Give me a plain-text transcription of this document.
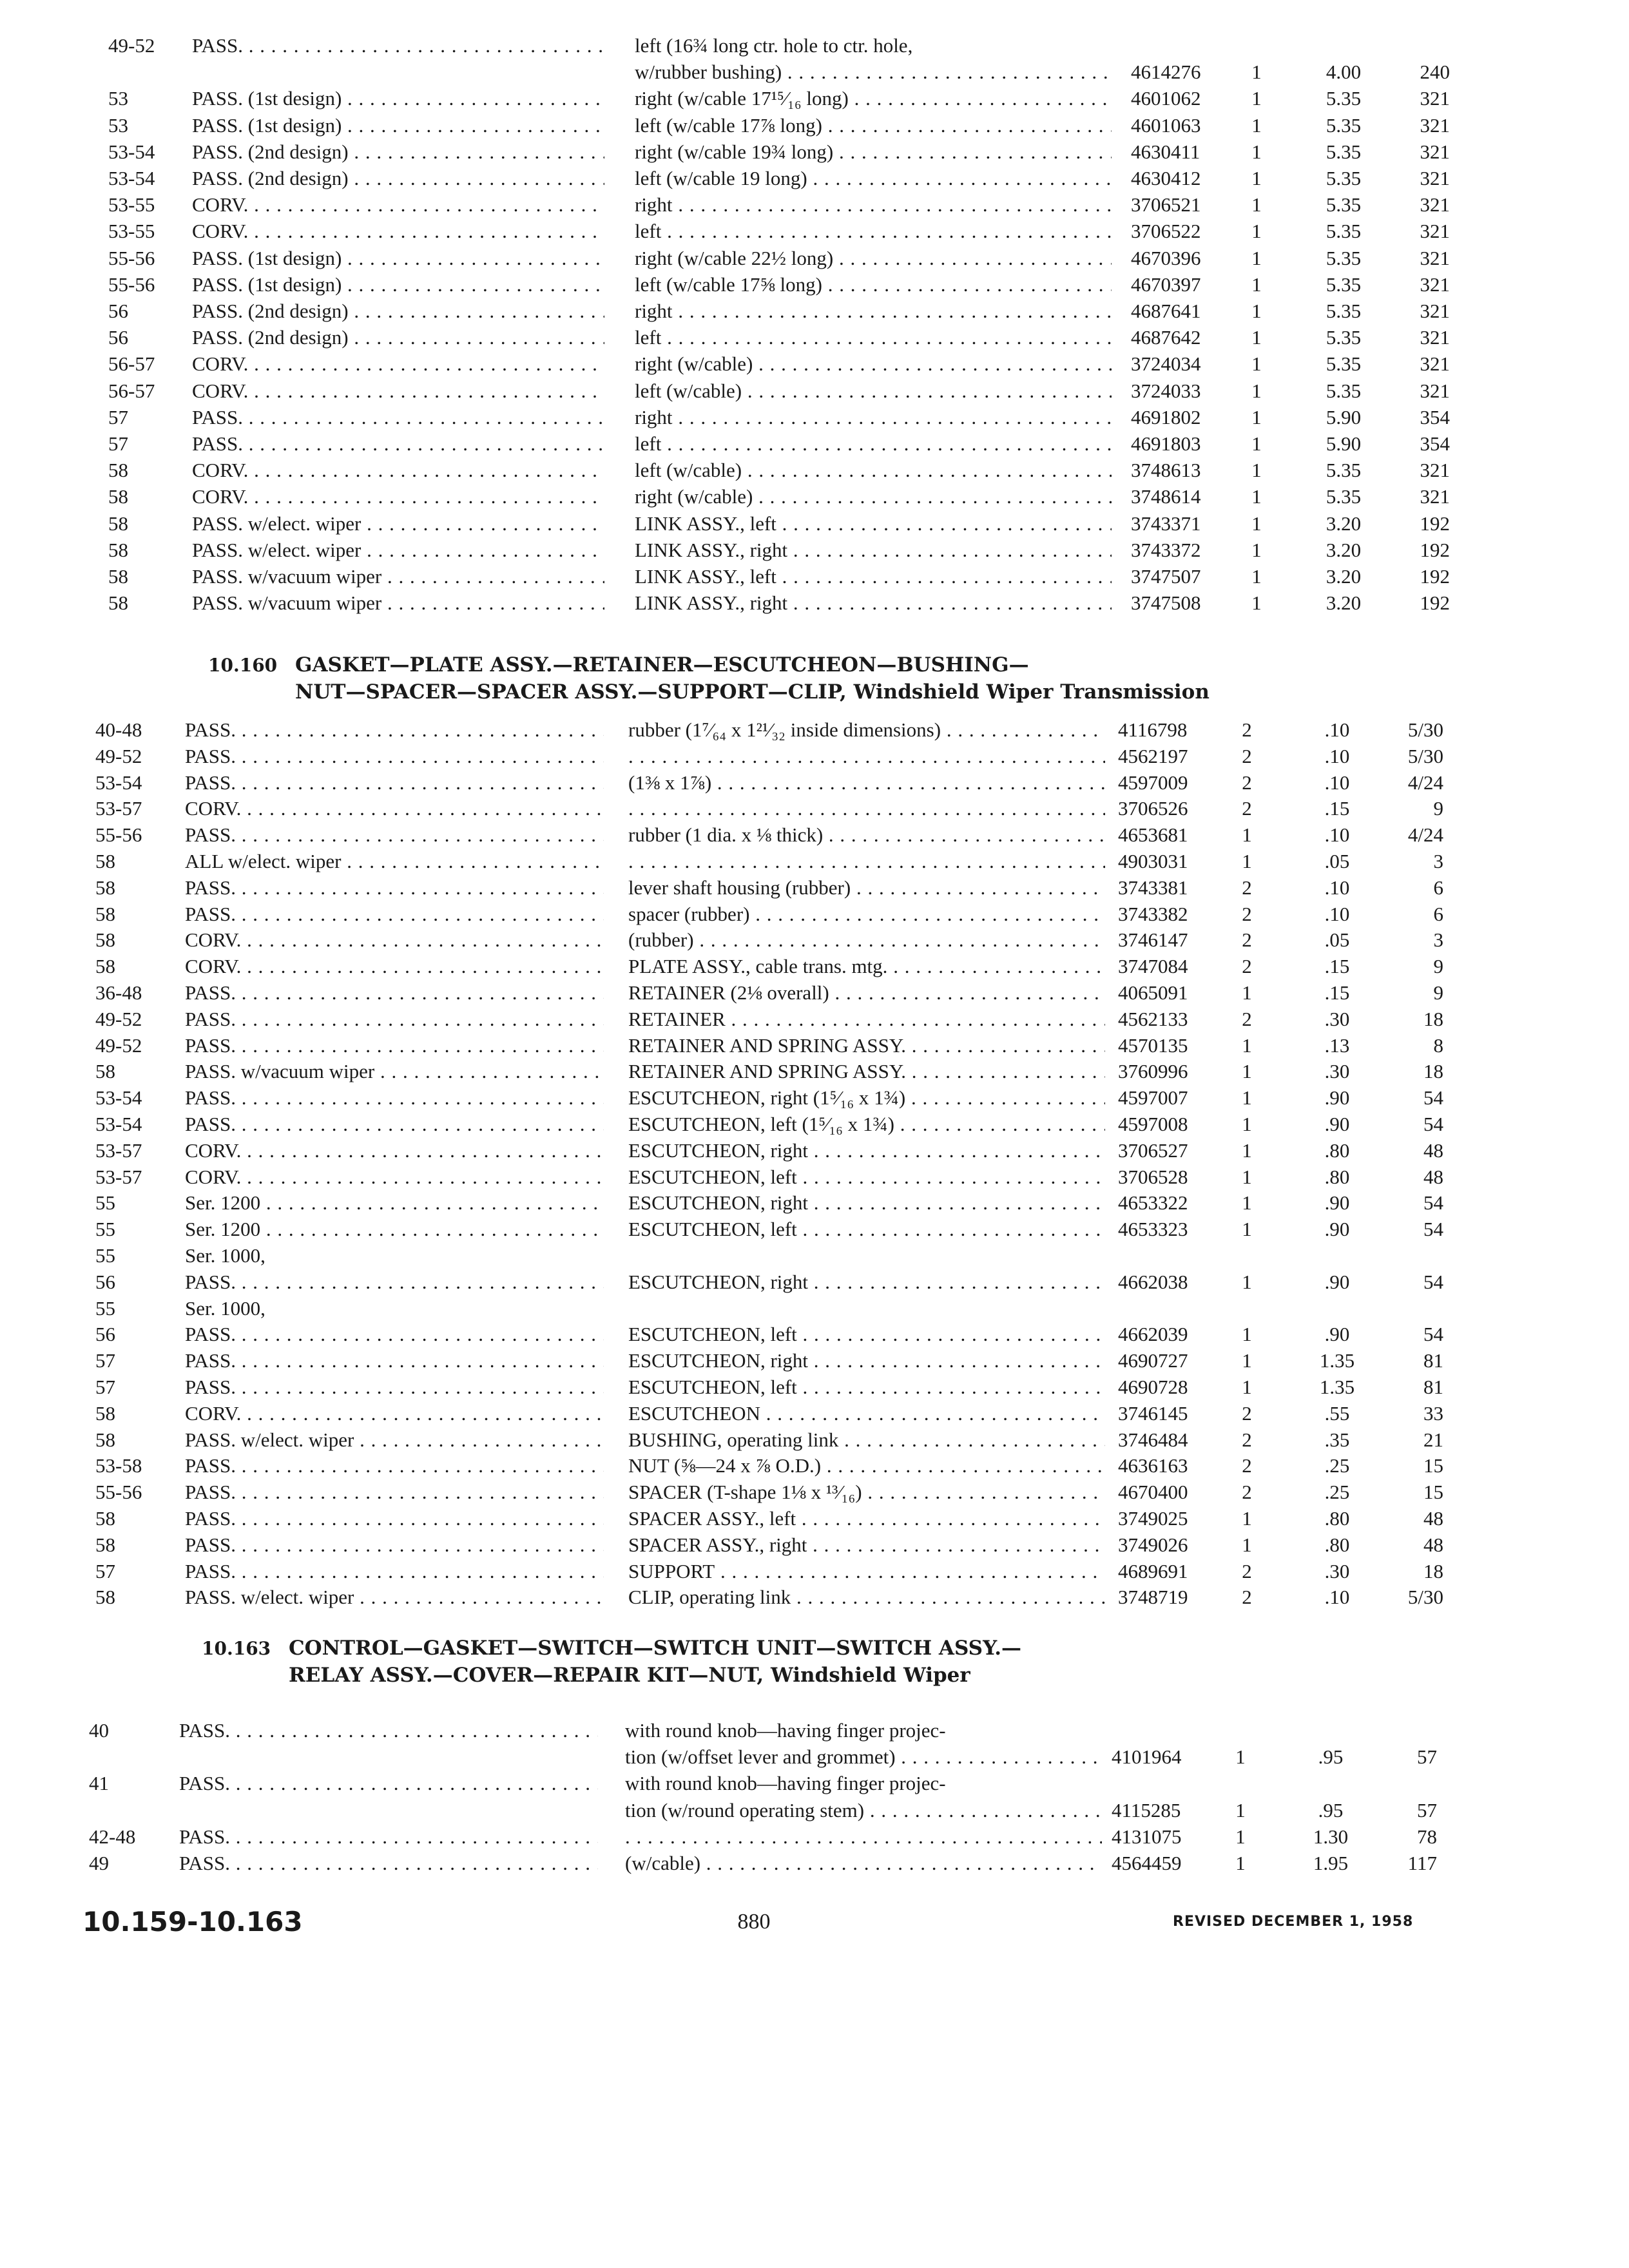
49-52	PASS. . . .	left (16¾ long ctr. hole to ctr. hole,
w/rubber bushing) . . .	4614276	1	4.00	240
53	PASS. (1st design) . . .	right (w/cable 17¹⁵⁄₁₆ long) . . .	4601062	1	5.35	321
53	PASS. (1st design) . . .	left (w/cable 17⅞ long) . . .	4601063	1	5.35	321
53-54	PASS. (2nd design) . . .	right (w/cable 19¾ long) . . .	4630411	1	5.35	321
53-54	PASS. (2nd design) . . .	left (w/cable 19 long) . . .	4630412	1	5.35	321
53-55	CORV. . . .	right . . .	3706521	1	5.35	321
53-55	CORV. . . .	left . . .	3706522	1	5.35	321
55-56	PASS. (1st design) . . .	right (w/cable 22½ long) . . .	4670396	1	5.35	321
55-56	PASS. (1st design) . . .	left (w/cable 17⅝ long) . . .	4670397	1	5.35	321
56	PASS. (2nd design) . . .	right . . .	4687641	1	5.35	321
56	PASS. (2nd design) . . .	left . . .	4687642	1	5.35	321
56-57	CORV. . . .	right (w/cable) . . .	3724034	1	5.35	321
56-57	CORV. . . .	left (w/cable) . . .	3724033	1	5.35	321
57	PASS. . . .	right . . .	4691802	1	5.90	354
57	PASS. . . .	left . . .	4691803	1	5.90	354
58	CORV. . . .	left (w/cable) . . .	3748613	1	5.35	321
58	CORV. . . .	right (w/cable) . . .	3748614	1	5.35	321
58	PASS. w/elect. wiper . . .	LINK ASSY., left . . .	3743371	1	3.20	192
58	PASS. w/elect. wiper . . .	LINK ASSY., right . . .	3743372	1	3.20	192
58	PASS. w/vacuum wiper . . .	LINK ASSY., left . . .	3747507	1	3.20	192
58	PASS. w/vacuum wiper . . .	LINK ASSY., right . . .	3747508	1	3.20	192
10.160 GASKET—PLATE ASSY.—RETAINER—ESCUTCHEON—BUSHING—
NUT—SPACER—SPACER ASSY.—SUPPORT—CLIP, Windshield Wiper Transmission
40-48	PASS. . . .	rubber (1⁷⁄₆₄ x 1²¹⁄₃₂ inside dimensions) . . .	4116798	2	.10	5/30
49-52	PASS. . . . . . .	4562197	2	.10	5/30
53-54	PASS. . . .	(1⅜ x 1⅞) . . .	4597009	2	.10	4/24
53-57	CORV. . . . . . .	3706526	2	.15	9
55-56	PASS. . . .	rubber (1 dia. x ⅛ thick) . . .	4653681	1	.10	4/24
58	ALL w/elect. wiper . . . . . .	4903031	1	.05	3
58	PASS. . . .	lever shaft housing (rubber) . . .	3743381	2	.10	6
58	PASS. . . .	spacer (rubber) . . .	3743382	2	.10	6
58	CORV. . . .	(rubber) . . .	3746147	2	.05	3
58	CORV. . . .	PLATE ASSY., cable trans. mtg. . . .	3747084	2	.15	9
36-48	PASS. . . .	RETAINER (2⅛ overall) . . .	4065091	1	.15	9
49-52	PASS. . . .	RETAINER . . .	4562133	2	.30	18
49-52	PASS. . . .	RETAINER AND SPRING ASSY. . . .	4570135	1	.13	8
58	PASS. w/vacuum wiper . . .	RETAINER AND SPRING ASSY. . . .	3760996	1	.30	18
53-54	PASS. . . .	ESCUTCHEON, right (1⁵⁄₁₆ x 1¾) . . .	4597007	1	.90	54
53-54	PASS. . . .	ESCUTCHEON, left (1⁵⁄₁₆ x 1¾) . . .	4597008	1	.90	54
53-57	CORV. . . .	ESCUTCHEON, right . . .	3706527	1	.80	48
53-57	CORV. . . .	ESCUTCHEON, left . . .	3706528	1	.80	48
55	Ser. 1200 . . .	ESCUTCHEON, right . . .	4653322	1	.90	54
55	Ser. 1200 . . .	ESCUTCHEON, left . . .	4653323	1	.90	54
55	Ser. 1000,
56	PASS. . . .	ESCUTCHEON, right . . .	4662038	1	.90	54
55	Ser. 1000,
56	PASS. . . .	ESCUTCHEON, left . . .	4662039	1	.90	54
57	PASS. . . .	ESCUTCHEON, right . . .	4690727	1	1.35	81
57	PASS. . . .	ESCUTCHEON, left . . .	4690728	1	1.35	81
58	CORV. . . .	ESCUTCHEON . . .	3746145	2	.55	33
58	PASS. w/elect. wiper . . .	BUSHING, operating link . . .	3746484	2	.35	21
53-58	PASS. . . .	NUT (⅝—24 x ⅞ O.D.) . . .	4636163	2	.25	15
55-56	PASS. . . .	SPACER (T-shape 1⅛ x ¹³⁄₁₆) . . .	4670400	2	.25	15
58	PASS. . . .	SPACER ASSY., left . . .	3749025	1	.80	48
58	PASS. . . .	SPACER ASSY., right . . .	3749026	1	.80	48
57	PASS. . . .	SUPPORT . . .	4689691	2	.30	18
58	PASS. w/elect. wiper . . .	CLIP, operating link . . .	3748719	2	.10	5/30
10.163 CONTROL—GASKET—SWITCH—SWITCH UNIT—SWITCH ASSY.—
RELAY ASSY.—COVER—REPAIR KIT—NUT, Windshield Wiper
40	PASS. . . .	with round knob—having finger projec-
tion (w/offset lever and grommet) . . .	4101964	1	.95	57
41	PASS. . . .	with round knob—having finger projec-
tion (w/round operating stem) . . .	4115285	1	.95	57
42-48	PASS. . . . . . .	4131075	1	1.30	78
49	PASS. . . .	(w/cable) . . .	4564459	1	1.95	117
10.159-10.163	880	REVISED DECEMBER 1, 1958
